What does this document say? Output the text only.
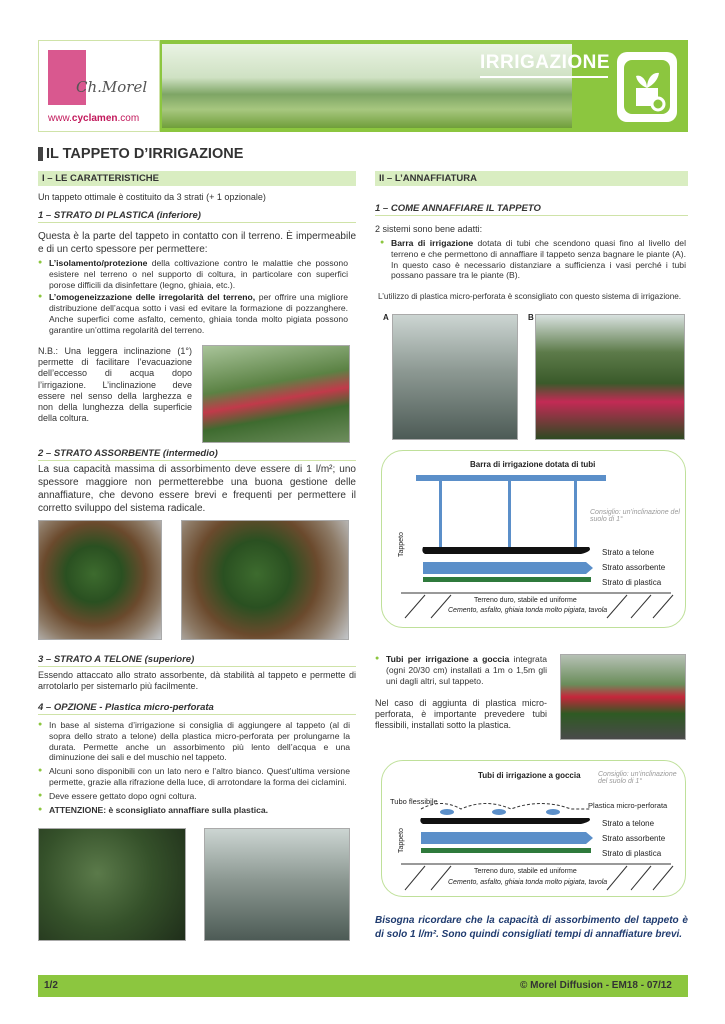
Ch.Morel
www.cyclamen.com
IRRIGAZIONE
IL TAPPETO D’IRRIGAZIONE
I – LE CARATTERISTICHE
Un tappeto ottimale è costituito da 3 strati (+ 1 opzionale)
1 – STRATO DI PLASTICA (inferiore)
Questa è la parte del tappeto in contatto con il terreno. È impermeabile e di un certo spessore per permettere:
● L’isolamento/protezione della coltivazione contro le malattie che possono esistere nel terreno o nel supporto di coltura, in particolare con superfici porose difficili da disinfettare (legno, ghiaia, etc.).
● L’omogeneizzazione delle irregolarità del terreno, per offrire una migliore distribuzione dell’acqua sotto i vasi ed evitare la formazione di pozzanghere. Anche superfici come asfalto, cemento, ghiaia tonda molto pigiata possono garantire un’ottima regolarità del terreno.
N.B.: Una leggera inclinazione (1°) permette di facilitare l’evacuazione dell’eccesso di acqua dopo l’irrigazione. L’inclinazione deve essere nel senso della larghezza e non della lunghezza della superficie della coltura.
2 – STRATO ASSORBENTE (intermedio)
La sua capacità massima di assorbimento deve essere di 1 l/m²; uno spessore maggiore non permetterebbe una buona gestione delle annaffiature, che devono essere brevi e frequenti per permettere il corretto sviluppo del sistema radicale.
3 – STRATO A TELONE (superiore)
Essendo attaccato allo strato assorbente, dà stabilità al tappeto e permette di arrotolarlo per sistemarlo più facilmente.
4 – OPZIONE - Plastica micro-perforata
● In base al sistema d’irrigazione si consiglia di aggiungere al tappeto (al di sopra dello strato a telone) della plastica micro-perforata per prolungarne la durata. Permette anche un assorbimento più lento dell’acqua e una diminuzione dei sali e del muschio nel tappeto.
● Alcuni sono disponibili con un lato nero e l’altro bianco. Quest’ultima versione permette, grazie alla rifrazione della luce, di arrotondare la forma dei ciclamini.
● Deve essere gettato dopo ogni coltura.
● ATTENZIONE: è sconsigliato annaffiare sulla plastica.
II – L’ANNAFFIATURA
1 – COME ANNAFFIARE IL TAPPETO
2 sistemi sono bene adatti:
● Barra di irrigazione dotata di tubi che scendono quasi fino al livello del terreno e che permettono di annaffiare il tappeto senza bagnare le piante (A). In questo caso è necessario distanziare a sufficienza i vasi perché i tubi possano passare tra le piante (B).
L’utilizzo di plastica micro-perforata è sconsigliato con questo sistema di irrigazione.
A	B
Barra di irrigazione dotata di tubi
Consiglio: un’inclinazione del suolo di 1°
Tappeto	Strato a telone
Strato assorbente
Strato di plastica
Terreno duro, stabile ed uniforme
Cemento, asfalto, ghiaia tonda molto pigiata, tavola
● Tubi per irrigazione a goccia integrata (ogni 20/30 cm) installati a 1m o 1,5m gli uni dagli altri, sul tappeto.
Nel caso di aggiunta di plastica micro-perforata, è importante prevedere tubi flessibili, installati sotto la plastica.
Tubi di irrigazione a goccia Consiglio: un’inclinazione del suolo di 1°
Tubo flessibile	Plastica micro-perforata
Tappeto
Strato a telone
Strato assorbente
Strato di plastica
Terreno duro, stabile ed uniforme
Cemento, asfalto, ghiaia tonda molto pigiata, tavola
Bisogna ricordare che la capacità di assorbimento del tappeto è di solo 1 l/m². Sono quindi consigliati tempi di annaffiature brevi.
1/2	© Morel Diffusion - EM18 - 07/12
